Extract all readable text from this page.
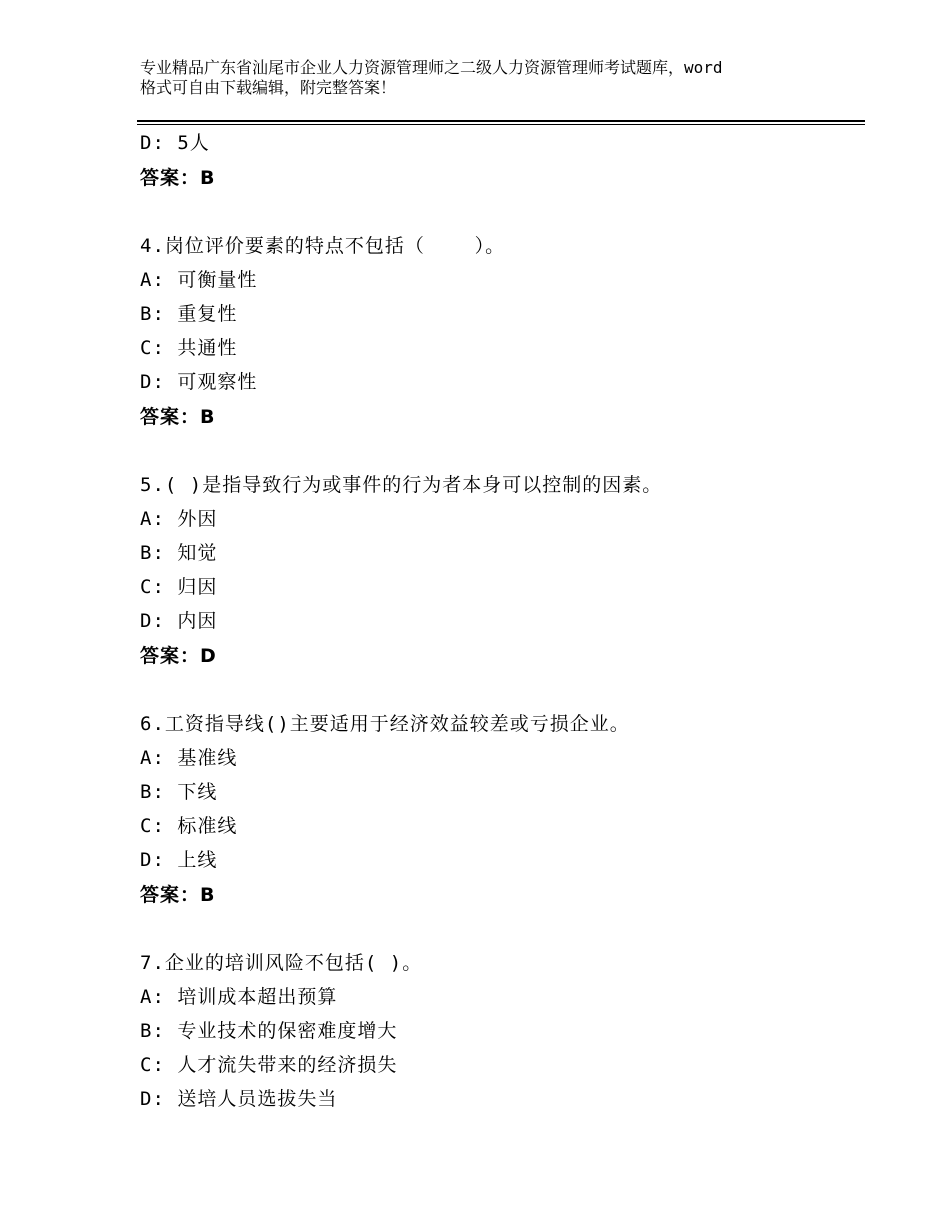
专业精品广东省汕尾市企业人力资源管理师之二级人力资源管理师考试题库，word
格式可自由下载编辑，附完整答案！
D: 5人
答案：B
4.岗位评价要素的特点不包括（    ）。
A: 可衡量性
B: 重复性
C: 共通性
D: 可观察性
答案：B
5.( )是指导致行为或事件的行为者本身可以控制的因素。
A: 外因
B: 知觉
C: 归因
D: 内因
答案：D
6.工资指导线()主要适用于经济效益较差或亏损企业。
A: 基准线
B: 下线
C: 标准线
D: 上线
答案：B
7.企业的培训风险不包括( )。
A: 培训成本超出预算
B: 专业技术的保密难度增大
C: 人才流失带来的经济损失
D: 送培人员选拔失当
